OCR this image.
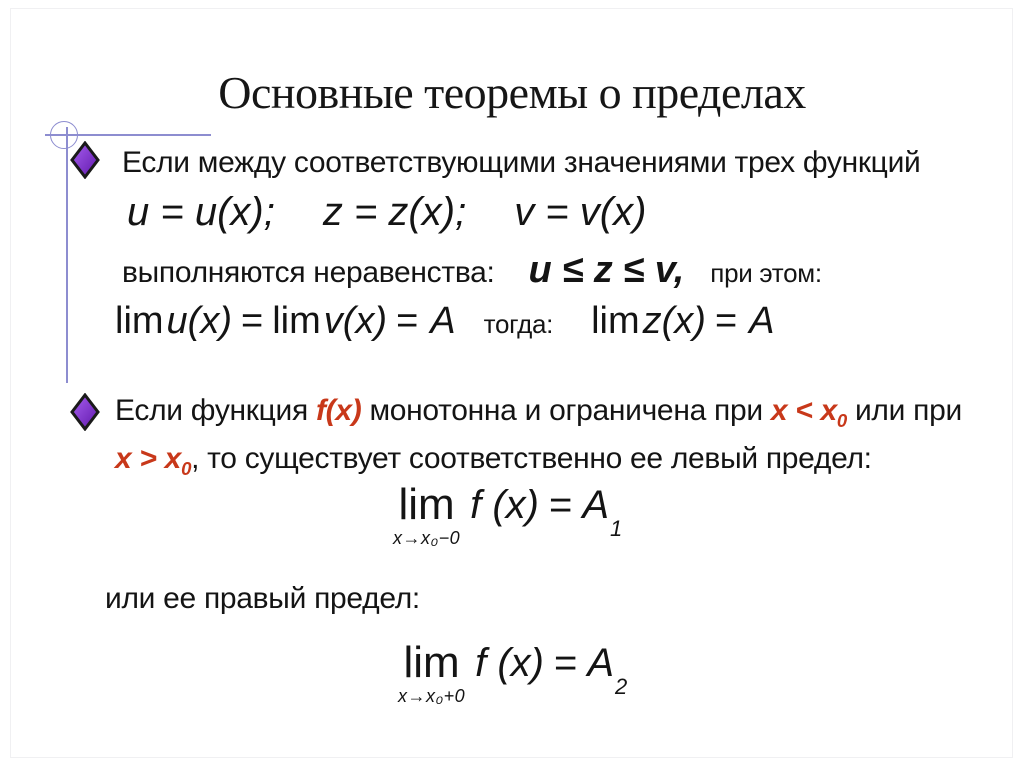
Основные теоремы о пределах
Если между соответствующими значениями трех функций
u = u(x); z = z(x); v = v(x)
выполняются неравенства: u ≤ z ≤ v, при этом:
lim u(x) = lim v(x) = A тогда: lim z(x) = A
Если функция f(x) монотонна и ограничена при $x < x_0$ или при
$x > x_0$, то существует соответственно ее левый предел:
lim
x→x₀−0
f (x) = A
1
или ее правый предел:
lim
x→x₀+0
f (x) = A
2
